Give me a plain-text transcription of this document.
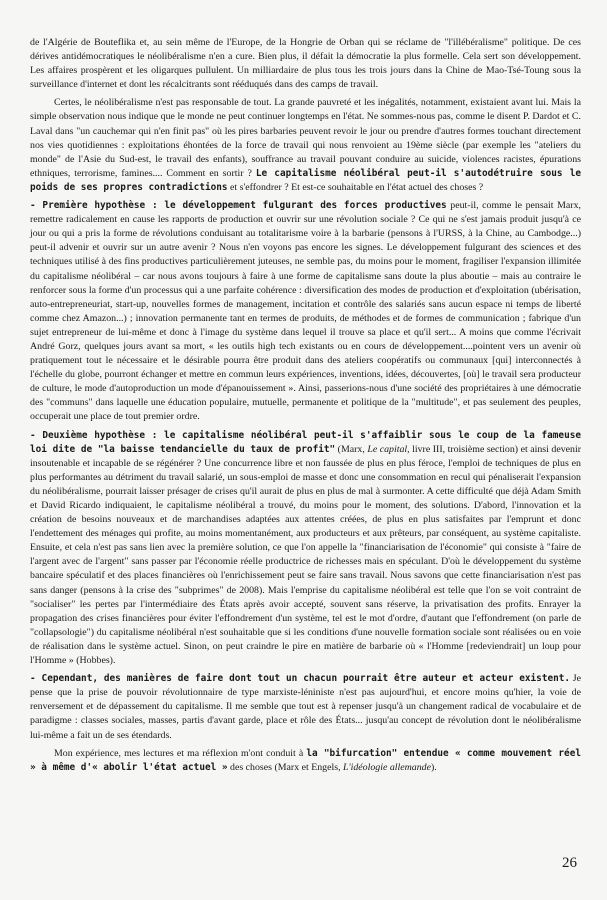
de l'Algérie de Bouteflika et, au sein même de l'Europe, de la Hongrie de Orban qui se réclame de "l'illébéralisme" politique. De ces dérives antidémocratiques le néolibéralisme n'en a cure. Bien plus, il défait la démocratie la plus formelle. Cela sert son développement. Les affaires prospèrent et les oligarques pullulent. Un milliardaire de plus tous les trois jours dans la Chine de Mao-Tsé-Toung sous la surveillance d'internet et dont les récalcitrants sont rééduqués dans des camps de travail.

Certes, le néolibéralisme n'est pas responsable de tout. La grande pauvreté et les inégalités, notamment, existaient avant lui. Mais la simple observation nous indique que le monde ne peut continuer longtemps en l'état. Ne sommes-nous pas, comme le disent P. Dardot et C. Laval dans "un cauchemar qui n'en finit pas" où les pires barbaries peuvent revoir le jour ou prendre d'autres formes touchant directement nos vies quotidiennes : exploitations éhontées de la force de travail qui nous renvoient au 19ème siècle (par exemple les "ateliers du monde" de l'Asie du Sud-est, le travail des enfants), souffrance au travail pouvant conduire au suicide, violences racistes, épurations ethniques, terrorisme, famines.... Comment en sortir ? Le capitalisme néolibéral peut-il s'autodétruire sous le poids de ses propres contradictions et s'effondrer ? Et est-ce souhaitable en l'état actuel des choses ?

- Première hypothèse : le développement fulgurant des forces productives peut-il, comme le pensait Marx, remettre radicalement en cause les rapports de production et ouvrir sur une révolution sociale ? Ce qui ne s'est jamais produit jusqu'à ce jour ou qui a pris la forme de révolutions conduisant au totalitarisme voire à la barbarie (pensons à l'URSS, à la Chine, au Cambodge...) peut-il advenir et ouvrir sur un autre avenir ? Nous n'en voyons pas encore les signes. Le développement fulgurant des sciences et des techniques utilisé à des fins productives particulièrement juteuses, ne semble pas, du moins pour le moment, fragiliser l'expansion illimitée du capitalisme néolibéral – car nous avons toujours à faire à une forme de capitalisme sans doute la plus aboutie – mais au contraire le renforcer sous la forme d'un processus qui a une parfaite cohérence : diversification des modes de production et d'exploitation (ubérisation, auto-entrepreneuriat, start-up, nouvelles formes de management, incitation et contrôle des salariés sans aucun espace ni temps de liberté comme chez Amazon...) ; innovation permanente tant en termes de produits, de méthodes et de formes de communication ; fabrique d'un sujet entrepreneur de lui-même et donc à l'image du système dans lequel il trouve sa place et qu'il sert... A moins que comme l'écrivait André Gorz, quelques jours avant sa mort, « les outils high tech existants ou en cours de développement....pointent vers un avenir où pratiquement tout le nécessaire et le désirable pourra être produit dans des ateliers coopératifs ou communaux [qui] interconnectés à l'échelle du globe, pourront échanger et mettre en commun leurs expériences, inventions, idées, découvertes, [où] le travail sera producteur de culture, le mode d'autoproduction un mode d'épanouissement ». Ainsi, passerions-nous d'une société des propriétaires à une démocratie des "communs" dans laquelle une éducation populaire, mutuelle, permanente et politique de la "multitude", et pas seulement des peuples, occuperait une place de tout premier ordre.

- Deuxième hypothèse : le capitalisme néolibéral peut-il s'affaiblir sous le coup de la fameuse loi dite de "la baisse tendancielle du taux de profit" (Marx, Le capital, livre III, troisième section) et ainsi devenir insoutenable et incapable de se régénérer ? Une concurrence libre et non faussée de plus en plus féroce, l'emploi de techniques de plus en plus performantes au détriment du travail salarié, un sous-emploi de masse et donc une consommation en recul qui pénaliserait l'expansion du néolibéralisme, pourrait laisser présager de crises qu'il aurait de plus en plus de mal à surmonter. A cette difficulté que déjà Adam Smith et David Ricardo indiquaient, le capitalisme néolibéral a trouvé, du moins pour le moment, des solutions. D'abord, l'innovation et la création de besoins nouveaux et de marchandises adaptées aux attentes créées, de plus en plus satisfaites par l'emprunt et donc l'endettement des ménages qui profite, au moins momentanément, aux producteurs et aux prêteurs, par conséquent, au système capitaliste. Ensuite, et cela n'est pas sans lien avec la première solution, ce que l'on appelle la "financiarisation de l'économie" qui consiste à "faire de l'argent avec de l'argent" sans passer par l'économie réelle productrice de richesses mais en spéculant. D'où le développement du système bancaire spéculatif et des places financières où l'enrichissement peut se faire sans travail. Nous savons que cette financiarisation n'est pas sans danger (pensons à la crise des "subprimes" de 2008). Mais l'emprise du capitalisme néolibéral est telle que l'on se voit contraint de "socialiser" les pertes par l'intermédiaire des États après avoir accepté, souvent sans réserve, la privatisation des profits. Enrayer la propagation des crises financières pour éviter l'effondrement d'un système, tel est le mot d'ordre, d'autant que l'effondrement (on parle de "collapsologie") du capitalisme néolibéral n'est souhaitable que si les conditions d'une nouvelle formation sociale sont réalisées ou en voie de réalisation dans le système actuel. Sinon, on peut craindre le pire en matière de barbarie où « l'Homme [redeviendrait] un loup pour l'Homme » (Hobbes).

- Cependant, des manières de faire dont tout un chacun pourrait être auteur et acteur existent. Je pense que la prise de pouvoir révolutionnaire de type marxiste-léniniste n'est pas aujourd'hui, et encore moins qu'hier, la voie de renversement et de dépassement du capitalisme. Il me semble que tout est à repenser jusqu'à un changement radical de vocabulaire et de paradigme : classes sociales, masses, partis d'avant garde, place et rôle des États... jusqu'au concept de révolution dont le néolibéralisme lui-même a fait un de ses étendards.

Mon expérience, mes lectures et ma réflexion m'ont conduit à la "bifurcation" entendue « comme mouvement réel » à même d'« abolir l'état actuel » des choses (Marx et Engels, L'idéologie allemande).

26
